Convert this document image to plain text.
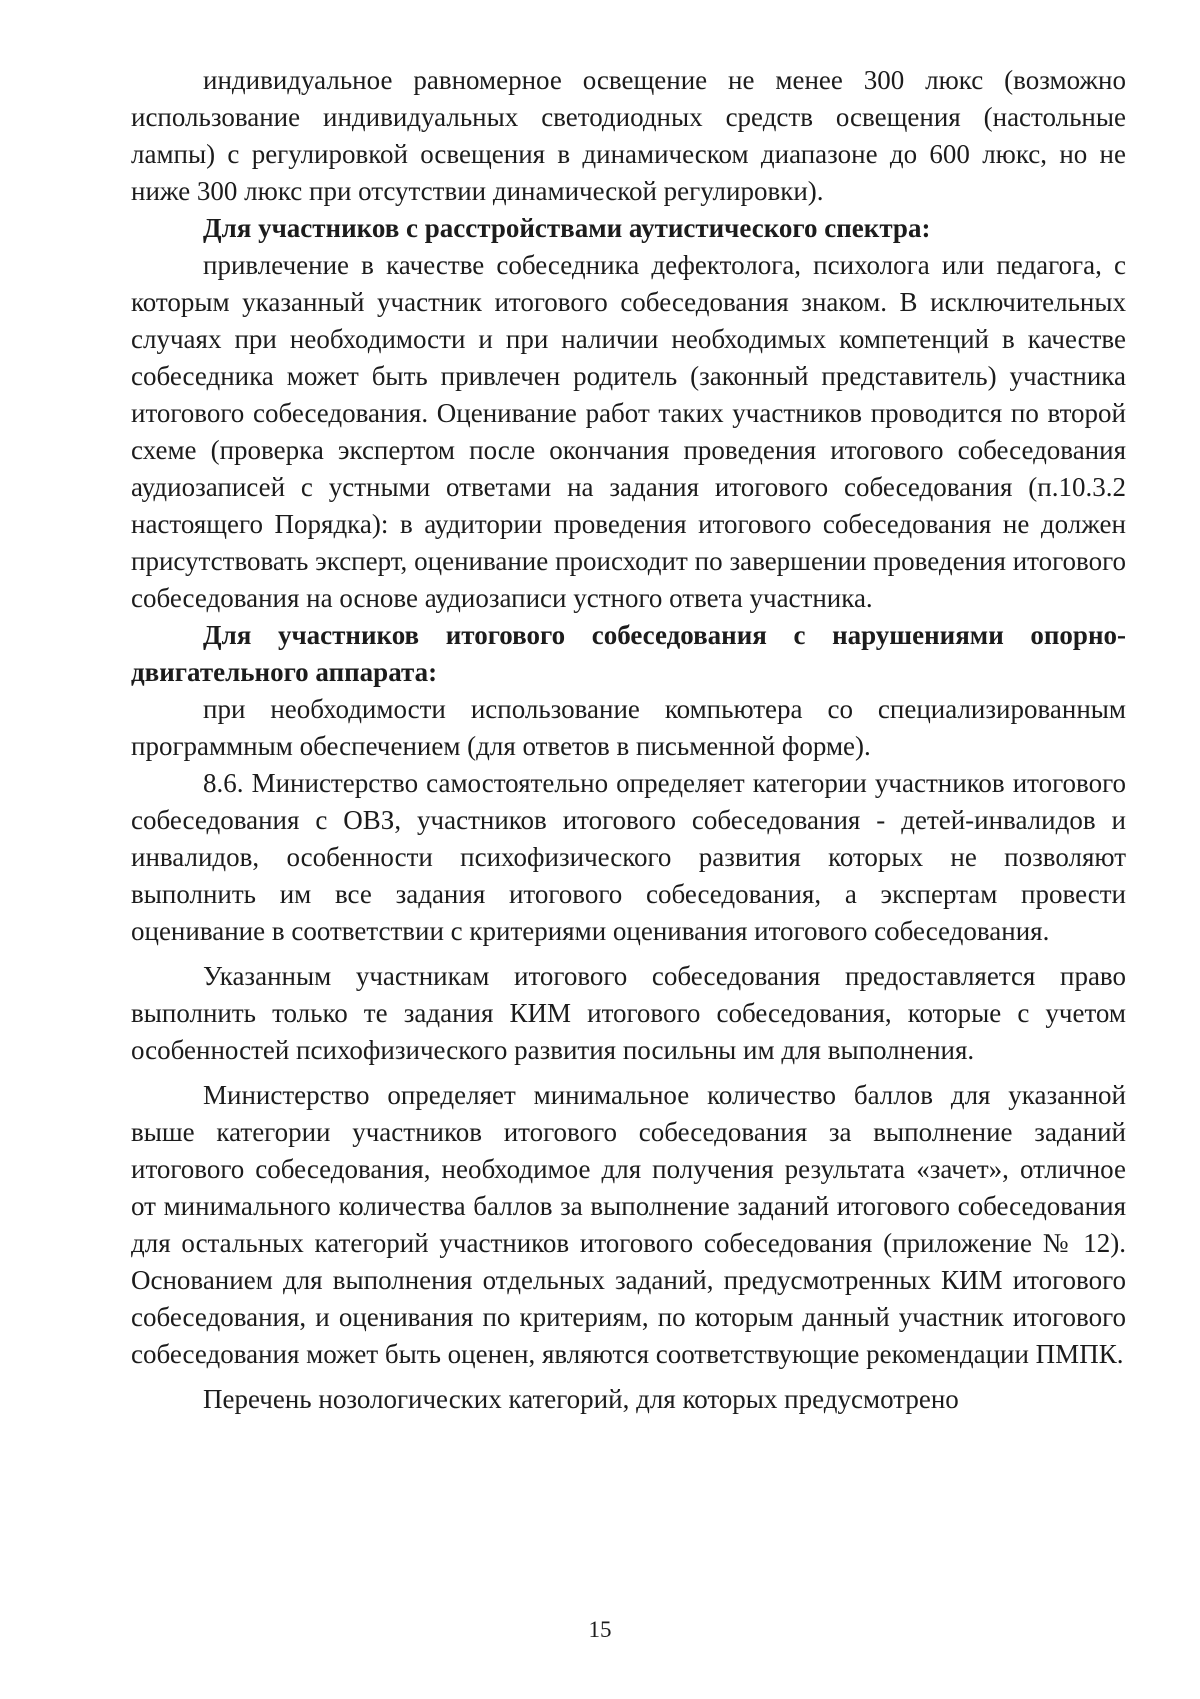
индивидуальное равномерное освещение не менее 300 люкс (возможно использование индивидуальных светодиодных средств освещения (настольные лампы) с регулировкой освещения в динамическом диапазоне до 600 люкс, но не ниже 300 люкс при отсутствии динамической регулировки).

Для участников с расстройствами аутистического спектра:

привлечение в качестве собеседника дефектолога, психолога или педагога, с которым указанный участник итогового собеседования знаком. В исключительных случаях при необходимости и при наличии необходимых компетенций в качестве собеседника может быть привлечен родитель (законный представитель) участника итогового собеседования. Оценивание работ таких участников проводится по второй схеме (проверка экспертом после окончания проведения итогового собеседования аудиозаписей с устными ответами на задания итогового собеседования (п.10.3.2 настоящего Порядка): в аудитории проведения итогового собеседования не должен присутствовать эксперт, оценивание происходит по завершении проведения итогового собеседования на основе аудиозаписи устного ответа участника.

Для участников итогового собеседования с нарушениями опорно-двигательного аппарата:

при необходимости использование компьютера со специализированным программным обеспечением (для ответов в письменной форме).

8.6. Министерство самостоятельно определяет категории участников итогового собеседования с ОВЗ, участников итогового собеседования - детей-инвалидов и инвалидов, особенности психофизического развития которых не позволяют выполнить им все задания итогового собеседования, а экспертам провести оценивание в соответствии с критериями оценивания итогового собеседования.

Указанным участникам итогового собеседования предоставляется право выполнить только те задания КИМ итогового собеседования, которые с учетом особенностей психофизического развития посильны им для выполнения.

Министерство определяет минимальное количество баллов для указанной выше категории участников итогового собеседования за выполнение заданий итогового собеседования, необходимое для получения результата «зачет», отличное от минимального количества баллов за выполнение заданий итогового собеседования для остальных категорий участников итогового собеседования (приложение № 12). Основанием для выполнения отдельных заданий, предусмотренных КИМ итогового собеседования, и оценивания по критериям, по которым данный участник итогового собеседования может быть оценен, являются соответствующие рекомендации ПМПК.

Перечень нозологических категорий, для которых предусмотрено

15
